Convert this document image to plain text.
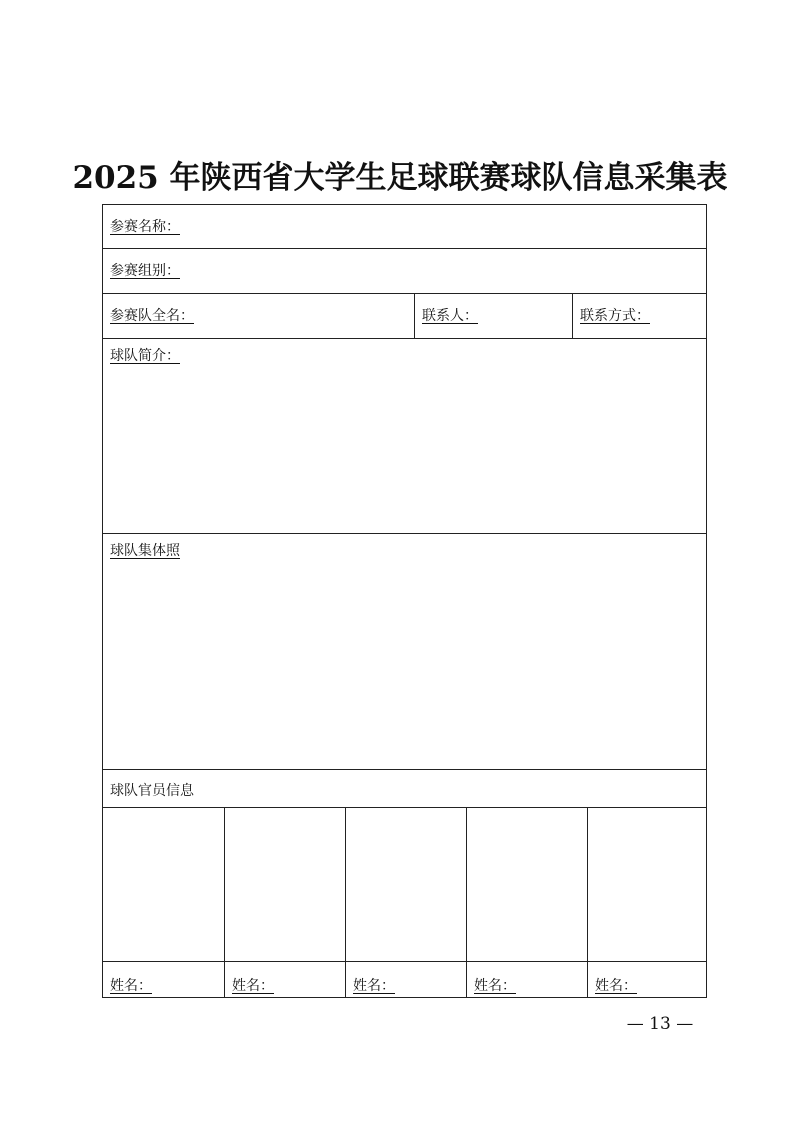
2025 年陕西省大学生足球联赛球队信息采集表
参赛名称：
参赛组别：
参赛队全名：	联系人：	联系方式：
球队简介：
球队集体照
球队官员信息
姓名：	姓名：	姓名：	姓名：	姓名：
— 13 —
